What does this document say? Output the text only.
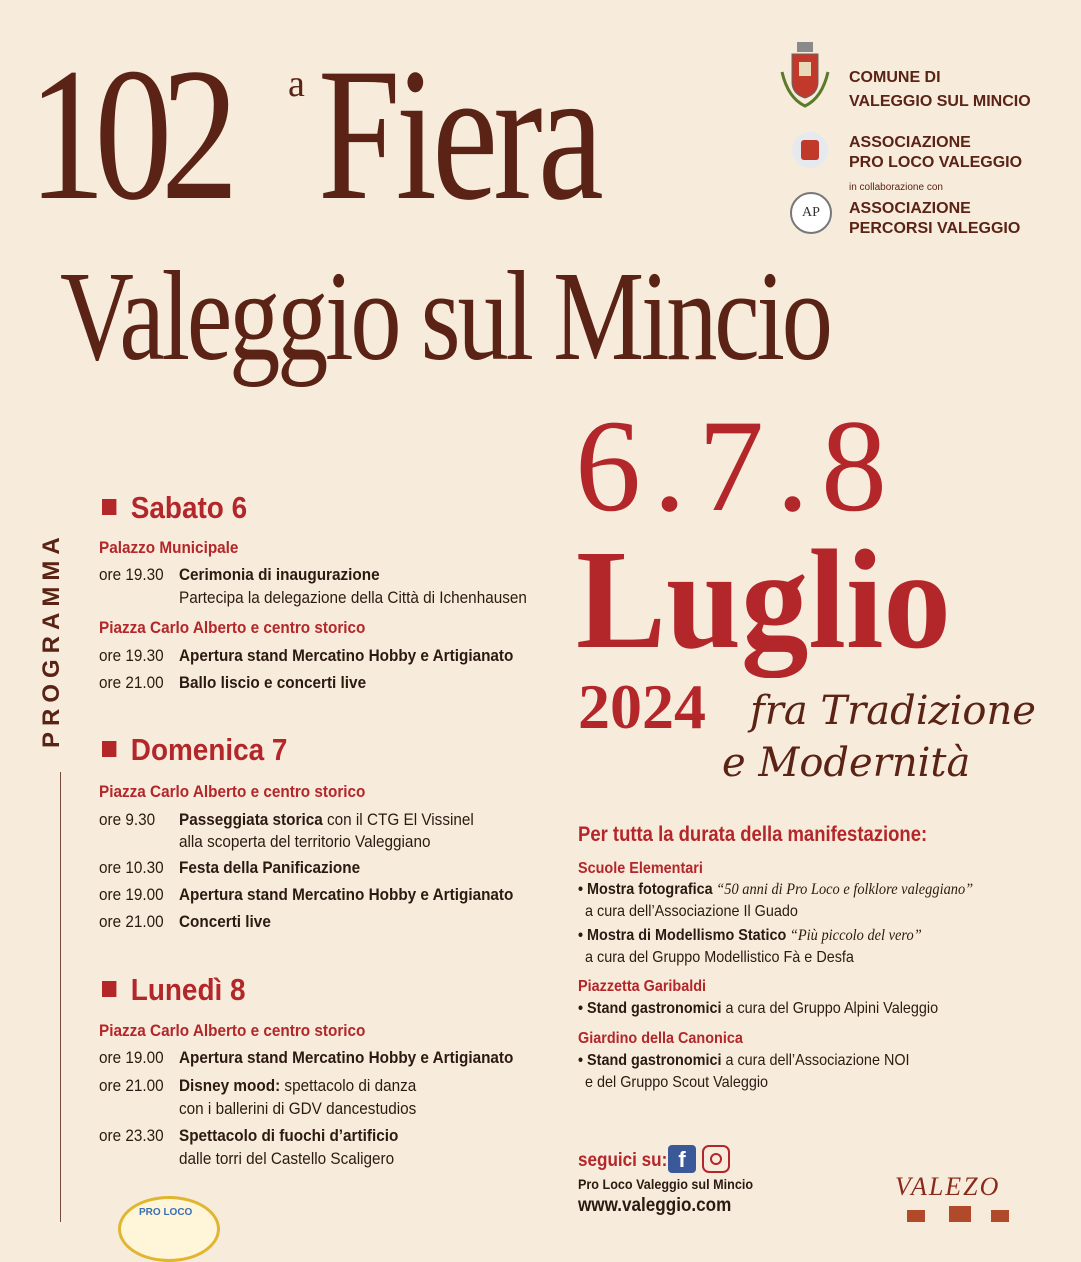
102 a Fiera
Valeggio sul Mincio
COMUNE DI
VALEGGIO SUL MINCIO
ASSOCIAZIONE
PRO LOCO VALEGGIO
in collaborazione con
AP	ASSOCIAZIONE
PERCORSI VALEGGIO
6.7.8
Luglio
2024 fra Tradizione
e Modernità
PROGRAMMA
Sabato 6
Palazzo Municipale
ore 19.30 Cerimonia di inaugurazione
Partecipa la delegazione della Città di Ichenhausen
Piazza Carlo Alberto e centro storico
ore 19.30 Apertura stand Mercatino Hobby e Artigianato
ore 21.00 Ballo liscio e concerti live
Domenica 7
Piazza Carlo Alberto e centro storico
ore 9.30 Passeggiata storica con il CTG El Vissinel
alla scoperta del territorio Valeggiano
ore 10.30 Festa della Panificazione
ore 19.00 Apertura stand Mercatino Hobby e Artigianato
ore 21.00 Concerti live
Lunedì 8
Piazza Carlo Alberto e centro storico
ore 19.00 Apertura stand Mercatino Hobby e Artigianato
ore 21.00 Disney mood: spettacolo di danza
con i ballerini di GDV dancestudios
ore 23.30 Spettacolo di fuochi d’artificio
dalle torri del Castello Scaligero
PRO LOCO
Per tutta la durata della manifestazione:
Scuole Elementari
• Mostra fotografica “50 anni di Pro Loco e folklore valeggiano”
a cura dell’Associazione Il Guado
• Mostra di Modellismo Statico “Più piccolo del vero”
a cura del Gruppo Modellistico Fà e Desfa
Piazzetta Garibaldi
• Stand gastronomici a cura del Gruppo Alpini Valeggio
Giardino della Canonica
• Stand gastronomici a cura dell’Associazione NOI
e del Gruppo Scout Valeggio
seguici su: f
Pro Loco Valeggio sul Mincio
www.valeggio.com
VALEZO
